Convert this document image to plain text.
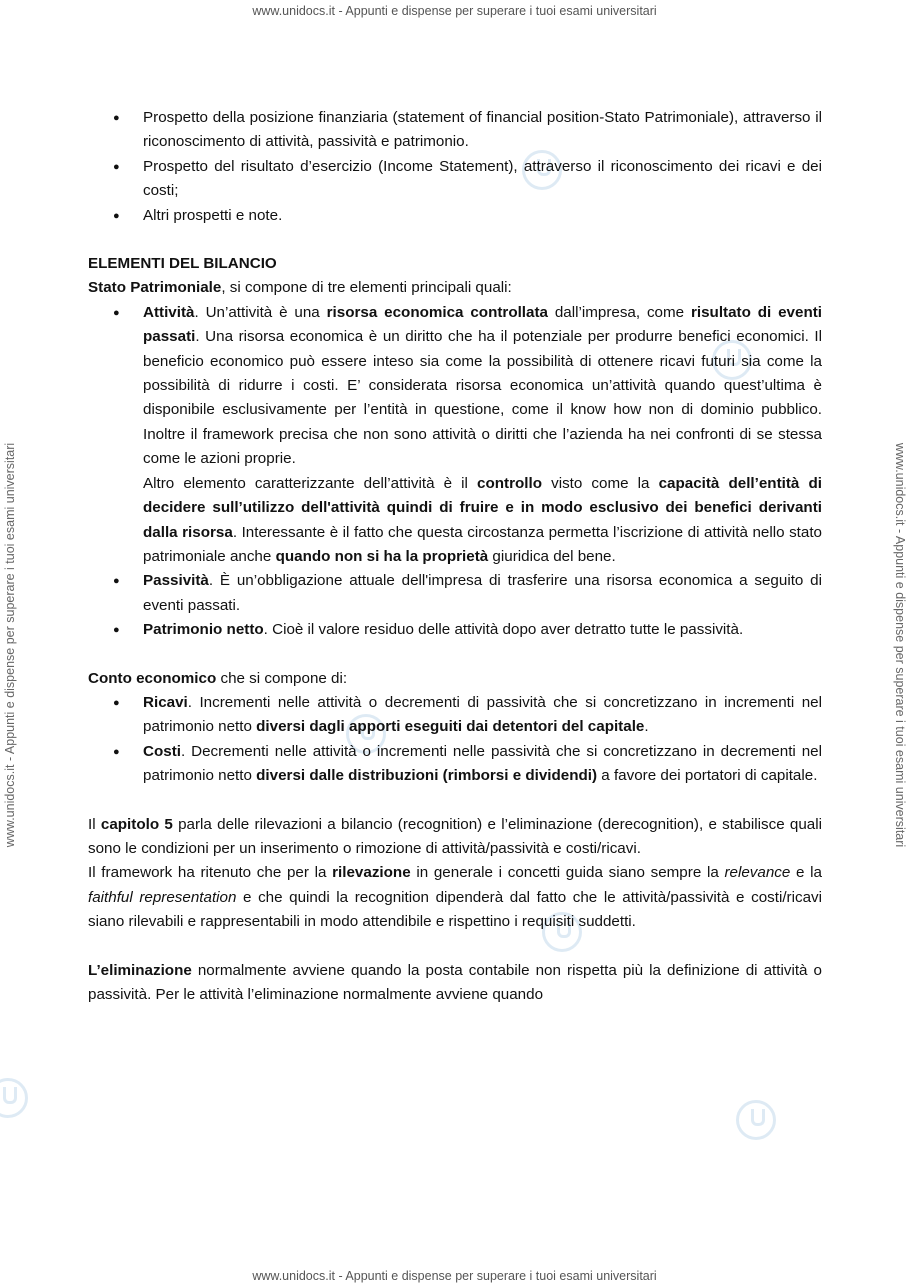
www.unidocs.it - Appunti e dispense per superare i tuoi esami universitari
www.unidocs.it - Appunti e dispense per superare i tuoi esami universitari
www.unidocs.it - Appunti e dispense per superare i tuoi esami universitari	www.unidocs.it - Appunti e dispense per superare i tuoi esami universitari
● Prospetto della posizione finanziaria (statement of financial position-Stato Patrimoniale), attraverso il riconoscimento di attività, passività e patrimonio.
● Prospetto del risultato d’esercizio (Income Statement), attraverso il riconoscimento dei ricavi e dei costi;
● Altri prospetti e note.

ELEMENTI DEL BILANCIO

Stato Patrimoniale, si compone di tre elementi principali quali:

● Attività. Un’attività è una risorsa economica controllata dall’impresa, come risultato di eventi passati. Una risorsa economica è un diritto che ha il potenziale per produrre benefici economici. Il beneficio economico può essere inteso sia come la possibilità di ottenere ricavi futuri sia come la possibilità di ridurre i costi. E’ considerata risorsa economica un’attività quando quest’ultima è disponibile esclusivamente per l’entità in questione, come il know how non di dominio pubblico. Inoltre il framework precisa che non sono attività o diritti che l’azienda ha nei confronti di se stessa come le azioni proprie.
Altro elemento caratterizzante dell’attività è il controllo visto come la capacità dell’entità di decidere sull’utilizzo dell'attività quindi di fruire e in modo esclusivo dei benefici derivanti dalla risorsa. Interessante è il fatto che questa circostanza permetta l’iscrizione di attività nello stato patrimoniale anche quando non si ha la proprietà giuridica del bene.
● Passività. È un’obbligazione attuale dell'impresa di trasferire una risorsa economica a seguito di eventi passati.
● Patrimonio netto. Cioè il valore residuo delle attività dopo aver detratto tutte le passività.

Conto economico che si compone di:

● Ricavi. Incrementi nelle attività o decrementi di passività che si concretizzano in incrementi nel patrimonio netto diversi dagli apporti eseguiti dai detentori del capitale.
● Costi. Decrementi nelle attività o incrementi nelle passività che si concretizzano in decrementi nel patrimonio netto diversi dalle distribuzioni (rimborsi e dividendi) a favore dei portatori di capitale.

Il capitolo 5 parla delle rilevazioni a bilancio (recognition) e l’eliminazione (derecognition), e stabilisce quali sono le condizioni per un inserimento o rimozione di attività/passività e costi/ricavi.

Il framework ha ritenuto che per la rilevazione in generale i concetti guida siano sempre la relevance e la faithful representation e che quindi la recognition dipenderà dal fatto che le attività/passività e costi/ricavi siano rilevabili e rappresentabili in modo attendibile e rispettino i requisiti suddetti.

L’eliminazione normalmente avviene quando la posta contabile non rispetta più la definizione di attività o passività. Per le attività l’eliminazione normalmente avviene quando
